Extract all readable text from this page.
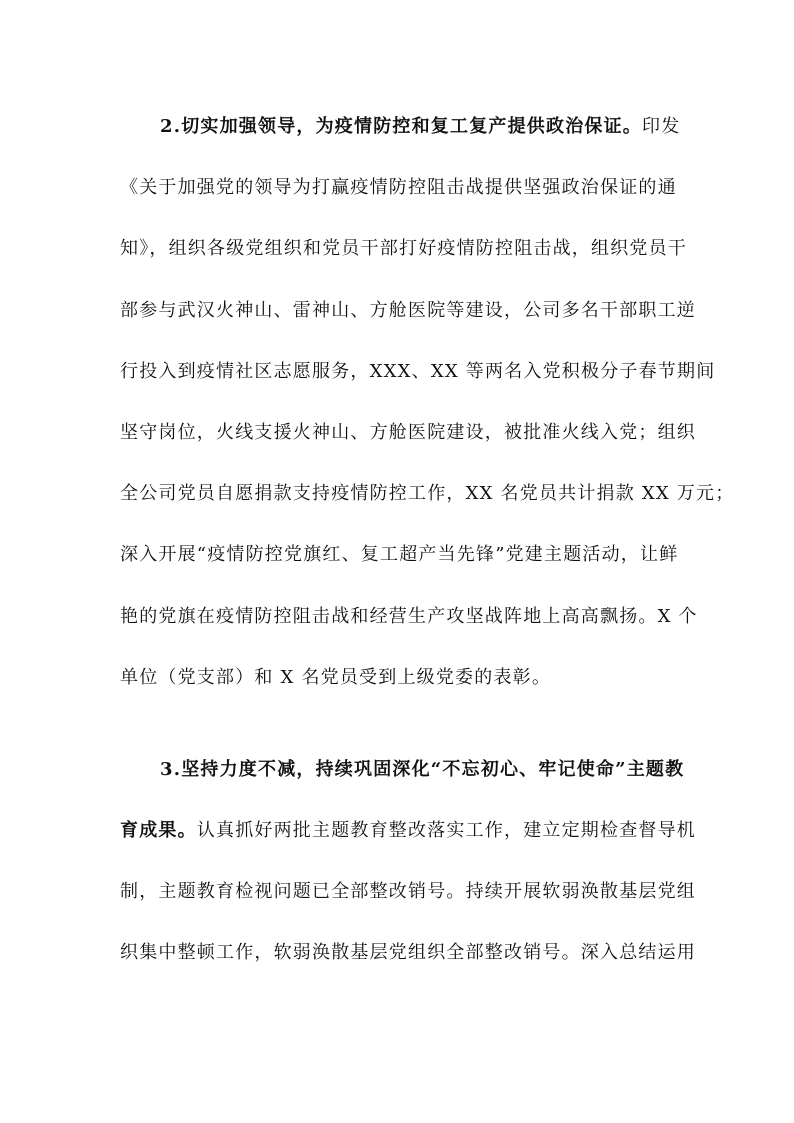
2.切实加强领导，为疫情防控和复工复产提供政治保证。印发
《关于加强党的领导为打赢疫情防控阻击战提供坚强政治保证的通
知》，组织各级党组织和党员干部打好疫情防控阻击战，组织党员干
部参与武汉火神山、雷神山、方舱医院等建设，公司多名干部职工逆
行投入到疫情社区志愿服务，XXX、XX 等两名入党积极分子春节期间
坚守岗位，火线支援火神山、方舱医院建设，被批准火线入党；组织
全公司党员自愿捐款支持疫情防控工作，XX 名党员共计捐款 XX 万元；
深入开展“疫情防控党旗红、复工超产当先锋”党建主题活动，让鲜
艳的党旗在疫情防控阻击战和经营生产攻坚战阵地上高高飘扬。X 个
单位（党支部）和 X 名党员受到上级党委的表彰。
3.坚持力度不减，持续巩固深化“不忘初心、牢记使命”主题教
育成果。认真抓好两批主题教育整改落实工作，建立定期检查督导机
制，主题教育检视问题已全部整改销号。持续开展软弱涣散基层党组
织集中整顿工作，软弱涣散基层党组织全部整改销号。深入总结运用
